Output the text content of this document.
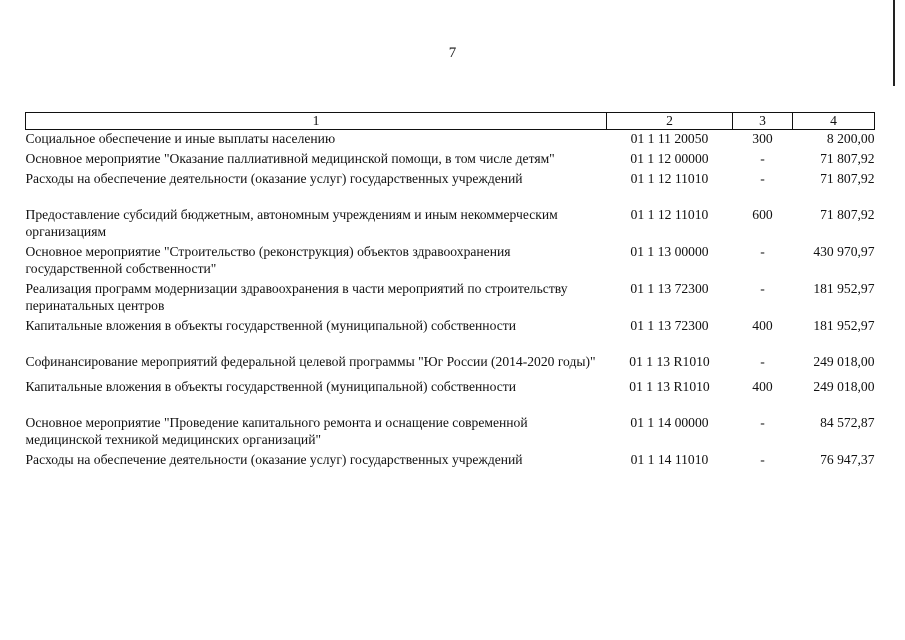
7
1	2	3	4
Социальное обеспечение и иные выплаты населению	01 1 11 20050	300	8 200,00
Основное мероприятие "Оказание паллиативной медицинской помощи, в том числе детям"	01 1 12 00000	-	71 807,92
Расходы на обеспечение деятельности (оказание услуг) государственных учреждений	01 1 12 11010	-	71 807,92
Предоставление субсидий бюджетным, автономным учреждениям и иным некоммерческим организациям	01 1 12 11010	600	71 807,92
Основное мероприятие "Строительство (реконструкция) объектов здравоохранения государственной собственности"	01 1 13 00000	-	430 970,97
Реализация программ модернизации здравоохранения в части мероприятий по строительству перинатальных центров	01 1 13 72300	-	181 952,97
Капитальные вложения в объекты государственной (муниципальной) собственности	01 1 13 72300	400	181 952,97
Софинансирование мероприятий федеральной целевой программы "Юг России (2014-2020 годы)"	01 1 13 R1010	-	249 018,00
Капитальные вложения в объекты государственной (муниципальной) собственности	01 1 13 R1010	400	249 018,00
Основное мероприятие "Проведение капитального ремонта и оснащение современной медицинской техникой медицинских организаций"	01 1 14 00000	-	84 572,87
Расходы на обеспечение деятельности (оказание услуг) государственных учреждений	01 1 14 11010	-	76 947,37
